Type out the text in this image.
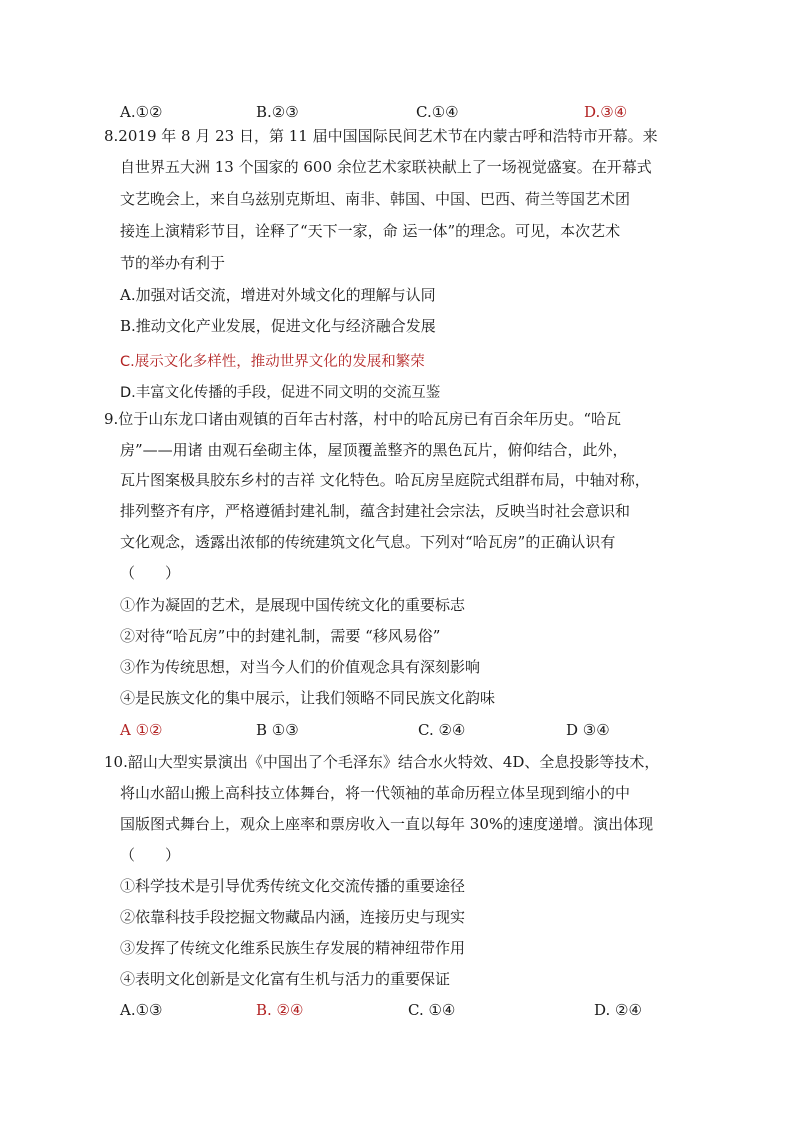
A.①②	B.②③	C.①④	D.③④
8.2019 年 8 月 23 日，第 11 届中国国际民间艺术节在内蒙古呼和浩特市开幕。来
自世界五大洲 13 个国家的 600 余位艺术家联袂献上了一场视觉盛宴。在开幕式
文艺晚会上，来自乌兹别克斯坦、南非、韩国、中国、巴西、荷兰等国艺术团
接连上演精彩节目，诠释了“天下一家，命 运一体”的理念。可见，本次艺术
节的举办有利于
A.加强对话交流，增进对外域文化的理解与认同
B.推动文化产业发展，促进文化与经济融合发展
C.展示文化多样性，推动世界文化的发展和繁荣
D.丰富文化传播的手段，促进不同文明的交流互鉴
9.位于山东龙口诸由观镇的百年古村落，村中的哈瓦房已有百余年历史。“哈瓦
房”——用诸 由观石垒砌主体，屋顶覆盖整齐的黑色瓦片，俯仰结合，此外，
瓦片图案极具胶东乡村的吉祥 文化特色。哈瓦房呈庭院式组群布局，中轴对称，
排列整齐有序，严格遵循封建礼制，蕴含封建社会宗法，反映当时社会意识和
文化观念，透露出浓郁的传统建筑文化气息。下列对“哈瓦房”的正确认识有
（　　）
①作为凝固的艺术，是展现中国传统文化的重要标志
②对待“哈瓦房”中的封建礼制，需要 “移风易俗”
③作为传统思想，对当今人们的价值观念具有深刻影响
④是民族文化的集中展示，让我们领略不同民族文化韵味
A ①②	B ①③	C. ②④	D ③④
10.韶山大型实景演出《中国出了个毛泽东》结合水火特效、4D、全息投影等技术，
将山水韶山搬上高科技立体舞台，将一代领袖的革命历程立体呈现到缩小的中
国版图式舞台上，观众上座率和票房收入一直以每年 30%的速度递增。演出体现
（　　）
①科学技术是引导优秀传统文化交流传播的重要途径
②依靠科技手段挖掘文物藏品内涵，连接历史与现实
③发挥了传统文化维系民族生存发展的精神纽带作用
④表明文化创新是文化富有生机与活力的重要保证
A.①③	B. ②④	C. ①④	D. ②④
